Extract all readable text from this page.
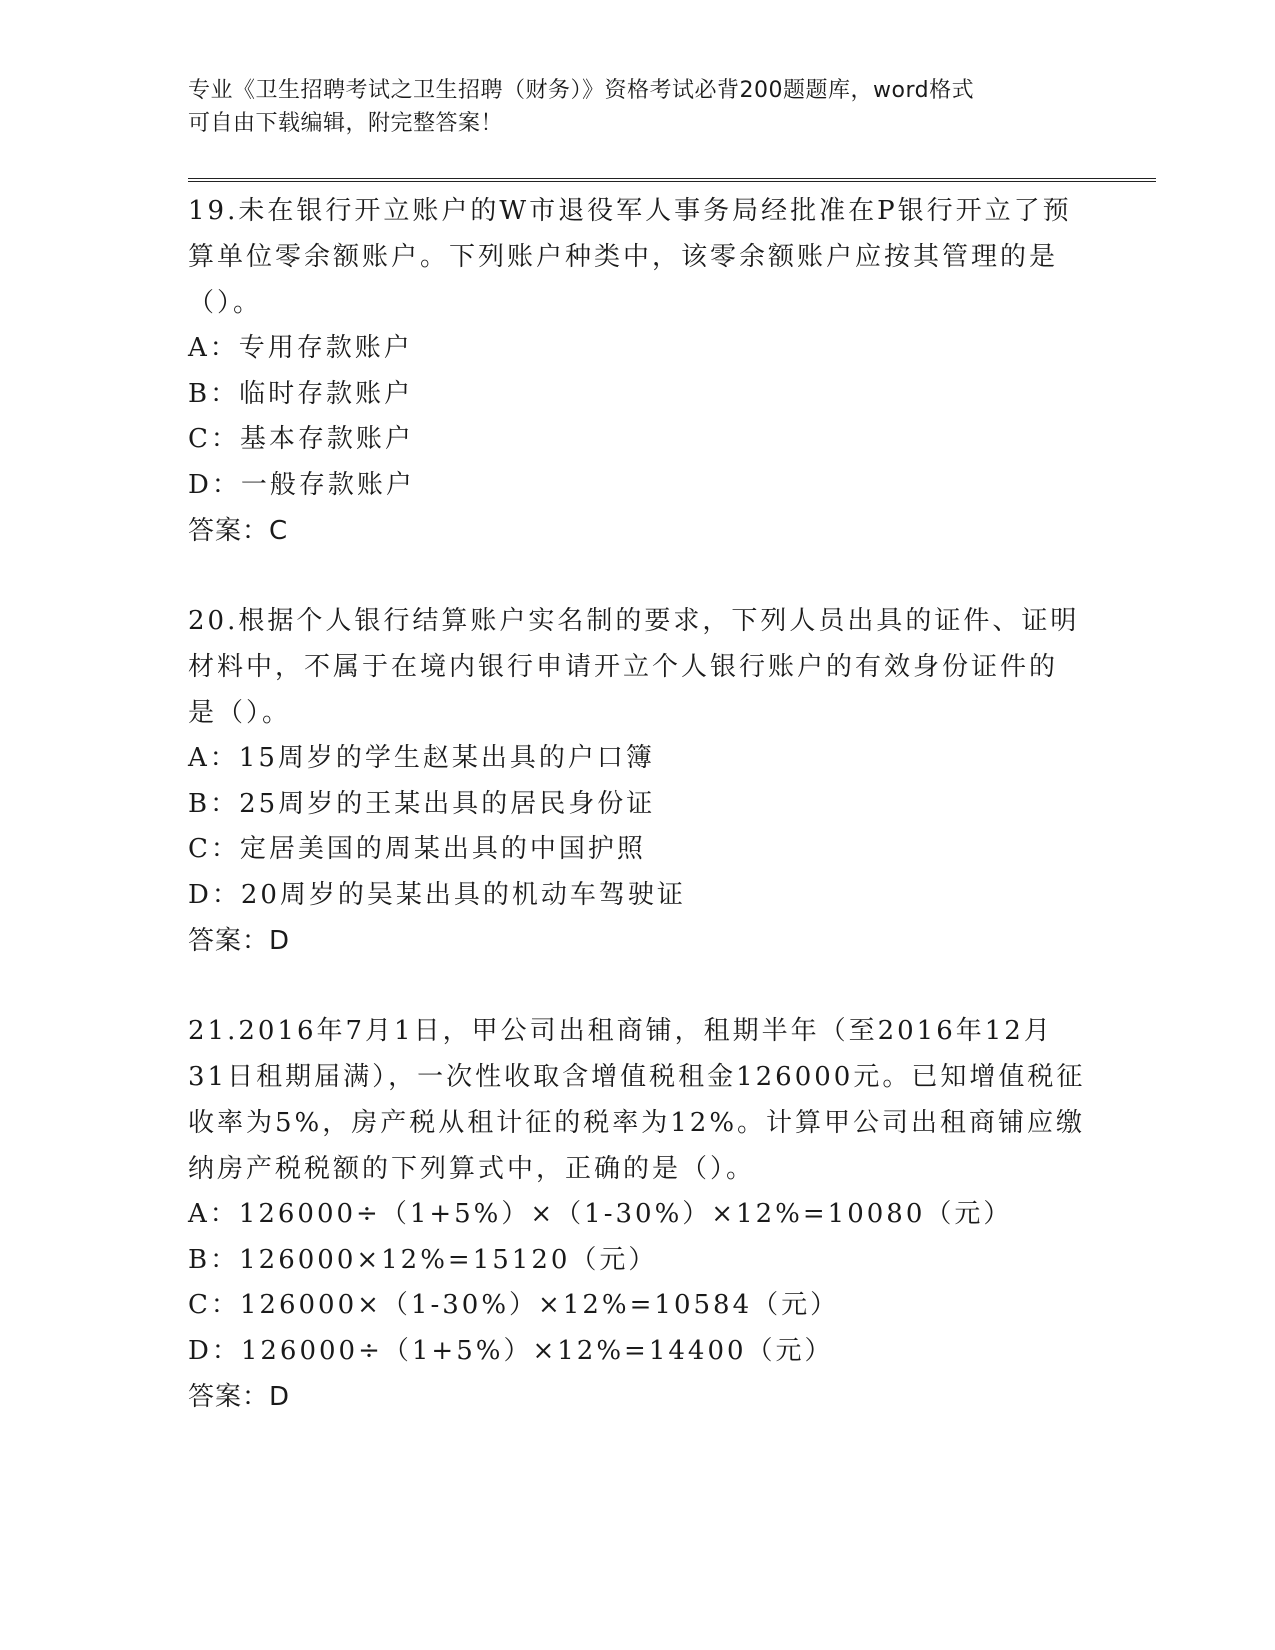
专业《卫生招聘考试之卫生招聘（财务）》资格考试必背200题题库，word格式
可自由下载编辑，附完整答案！

19.未在银行开立账户的W市退役军人事务局经批准在P银行开立了预

算单位零余额账户。下列账户种类中，该零余额账户应按其管理的是

（）。

A：专用存款账户

B：临时存款账户

C：基本存款账户

D：一般存款账户

答案：C

20.根据个人银行结算账户实名制的要求，下列人员出具的证件、证明

材料中，不属于在境内银行申请开立个人银行账户的有效身份证件的

是（）。

A：15周岁的学生赵某出具的户口簿

B：25周岁的王某出具的居民身份证

C：定居美国的周某出具的中国护照

D：20周岁的吴某出具的机动车驾驶证

答案：D

21.2016年7月1日，甲公司出租商铺，租期半年（至2016年12月

31日租期届满），一次性收取含增值税租金126000元。已知增值税征

收率为5%，房产税从租计征的税率为12%。计算甲公司出租商铺应缴

纳房产税税额的下列算式中，正确的是（）。

A：126000÷（1+5%）×（1-30%）×12%=10080（元）

B：126000×12%=15120（元）

C：126000×（1-30%）×12%=10584（元）

D：126000÷（1+5%）×12%=14400（元）

答案：D
